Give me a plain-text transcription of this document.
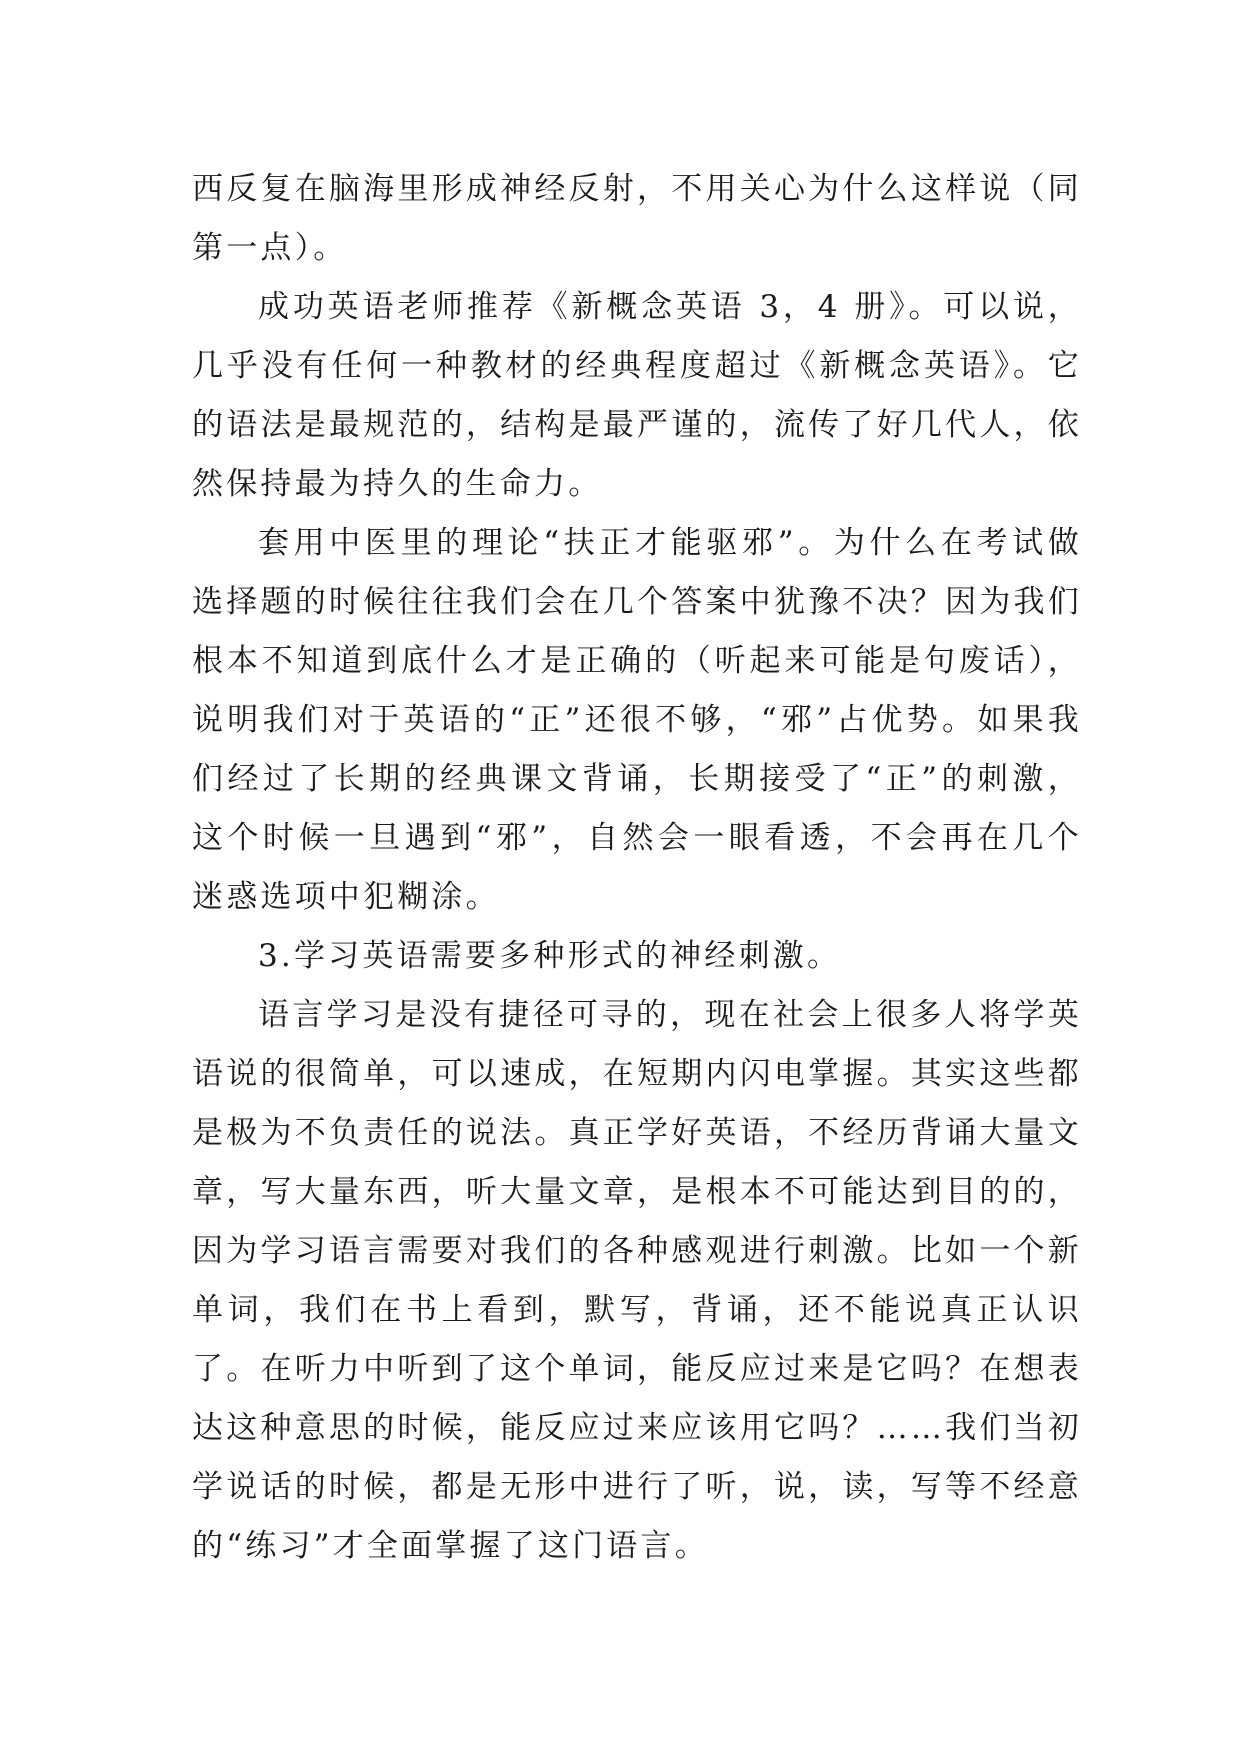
西反复在脑海里形成神经反射，不用关心为什么这样说（同第一点）。

成功英语老师推荐《新概念英语 3，4 册》。可以说，几乎没有任何一种教材的经典程度超过《新概念英语》。它的语法是最规范的，结构是最严谨的，流传了好几代人，依然保持最为持久的生命力。

套用中医里的理论“扶正才能驱邪”。为什么在考试做选择题的时候往往我们会在几个答案中犹豫不决？因为我们根本不知道到底什么才是正确的（听起来可能是句废话），说明我们对于英语的“正”还很不够，“邪”占优势。如果我们经过了长期的经典课文背诵，长期接受了“正”的刺激，这个时候一旦遇到“邪”，自然会一眼看透，不会再在几个迷惑选项中犯糊涂。

3.学习英语需要多种形式的神经刺激。

语言学习是没有捷径可寻的，现在社会上很多人将学英语说的很简单，可以速成，在短期内闪电掌握。其实这些都是极为不负责任的说法。真正学好英语，不经历背诵大量文章，写大量东西，听大量文章，是根本不可能达到目的的，因为学习语言需要对我们的各种感观进行刺激。比如一个新单词，我们在书上看到，默写，背诵，还不能说真正认识了。在听力中听到了这个单词，能反应过来是它吗？在想表达这种意思的时候，能反应过来应该用它吗？……我们当初学说话的时候，都是无形中进行了听，说，读，写等不经意的“练习”才全面掌握了这门语言。
